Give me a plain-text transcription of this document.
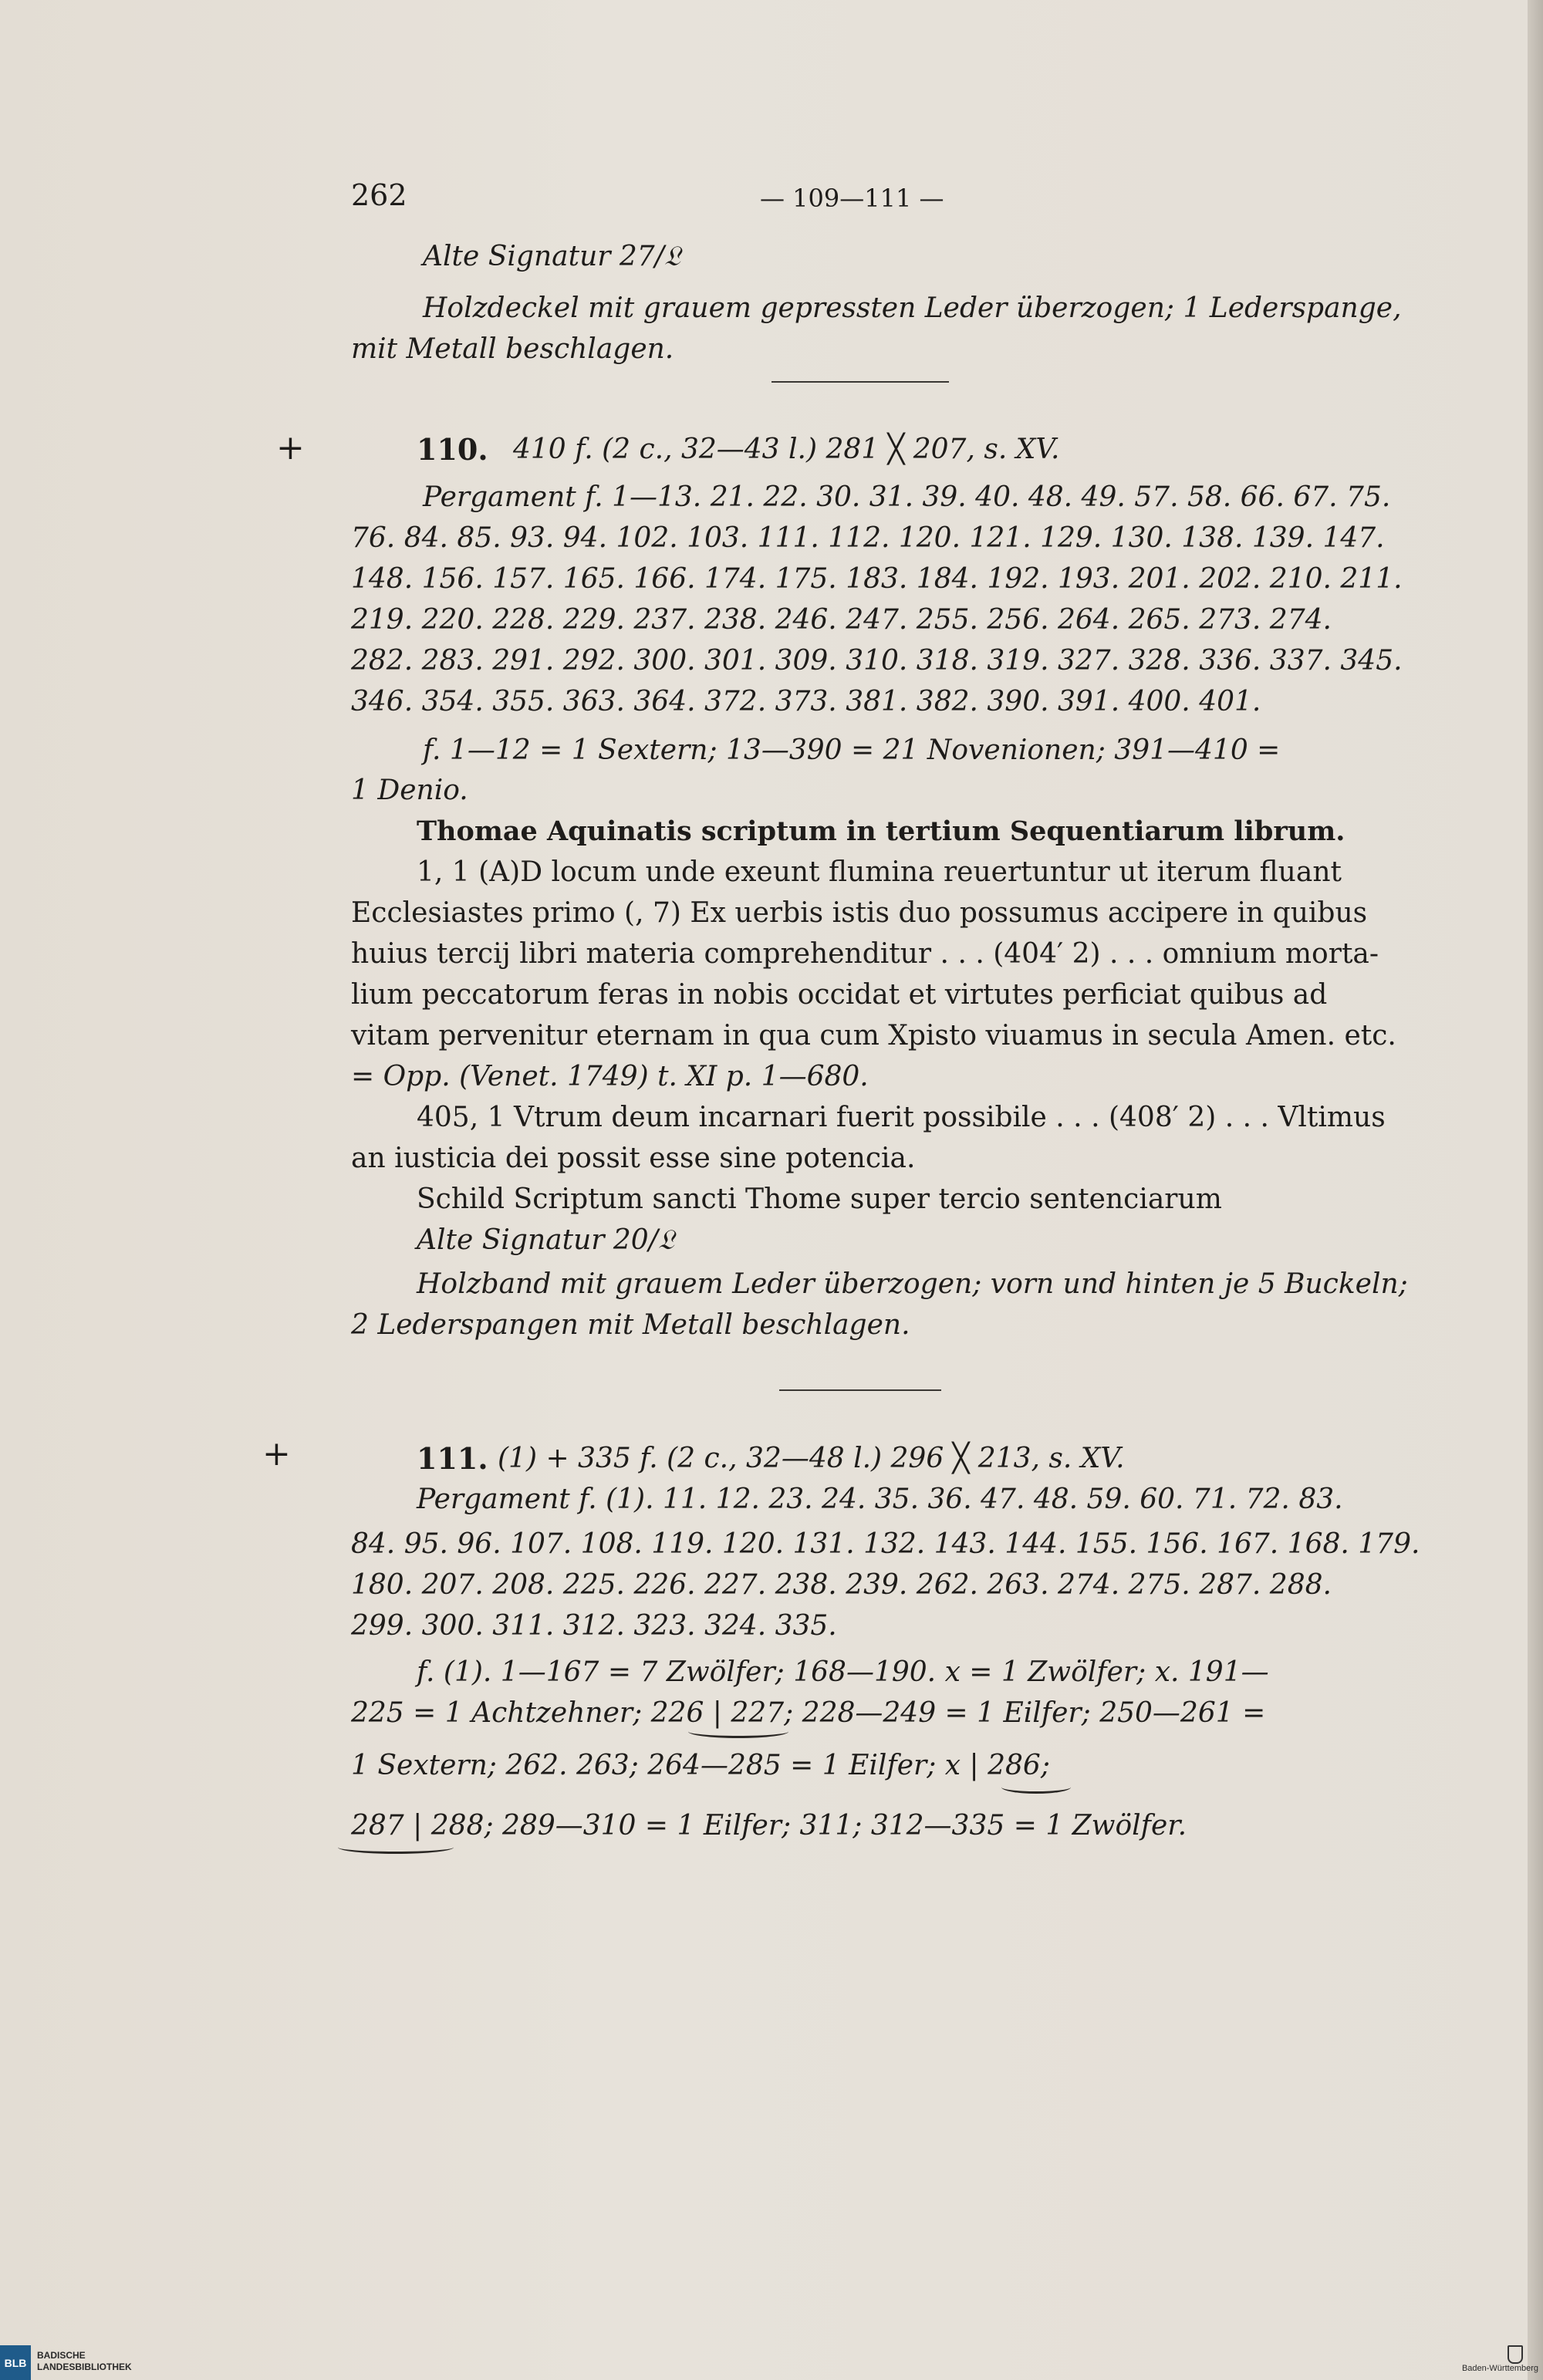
262	— 109—111 —
Alte Signatur 27/𝔏
Holzdeckel mit grauem gepressten Leder überzogen; 1 Lederspange,
mit Metall beschlagen.
+	110. 410 f. (2 c., 32—43 l.) 281 ╳ 207, s. XV.
Pergament f. 1—13. 21. 22. 30. 31. 39. 40. 48. 49. 57. 58. 66. 67. 75.
76. 84. 85. 93. 94. 102. 103. 111. 112. 120. 121. 129. 130. 138. 139. 147.
148. 156. 157. 165. 166. 174. 175. 183. 184. 192. 193. 201. 202. 210. 211.
219. 220. 228. 229. 237. 238. 246. 247. 255. 256. 264. 265. 273. 274.
282. 283. 291. 292. 300. 301. 309. 310. 318. 319. 327. 328. 336. 337. 345.
346. 354. 355. 363. 364. 372. 373. 381. 382. 390. 391. 400. 401.
f. 1—12 = 1 Sextern; 13—390 = 21 Novenionen; 391—410 =
1 Denio.
Thomae Aquinatis scriptum in tertium Sequentiarum librum.
1, 1 (A)D locum unde exeunt flumina reuertuntur ut iterum fluant
Ecclesiastes primo (, 7) Ex uerbis istis duo possumus accipere in quibus
huius tercij libri materia comprehenditur . . . (404′ 2) . . . omnium morta-
lium peccatorum feras in nobis occidat et virtutes perficiat quibus ad
vitam pervenitur eternam in qua cum Xpisto viuamus in secula Amen. etc.
= Opp. (Venet. 1749) t. XI p. 1—680.
405, 1 Vtrum deum incarnari fuerit possibile . . . (408′ 2) . . . Vltimus
an iusticia dei possit esse sine potencia.
Schild Scriptum sancti Thome super tercio sentenciarum
Alte Signatur 20/𝔏
Holzband mit grauem Leder überzogen; vorn und hinten je 5 Buckeln;
2 Lederspangen mit Metall beschlagen.
+	111. (1) + 335 f. (2 c., 32—48 l.) 296 ╳ 213, s. XV.
Pergament f. (1). 11. 12. 23. 24. 35. 36. 47. 48. 59. 60. 71. 72. 83.
84. 95. 96. 107. 108. 119. 120. 131. 132. 143. 144. 155. 156. 167. 168. 179.
180. 207. 208. 225. 226. 227. 238. 239. 262. 263. 274. 275. 287. 288.
299. 300. 311. 312. 323. 324. 335.
f. (1). 1—167 = 7 Zwölfer; 168—190. x = 1 Zwölfer; x. 191—
225 = 1 Achtzehner; 226 | 227; 228—249 = 1 Eilfer; 250—261 =
1 Sextern; 262. 263; 264—285 = 1 Eilfer; x | 286;
287 | 288; 289—310 = 1 Eilfer; 311; 312—335 = 1 Zwölfer.
BLB
BADISCHE
LANDESBIBLIOTHEK	Baden-Württemberg
